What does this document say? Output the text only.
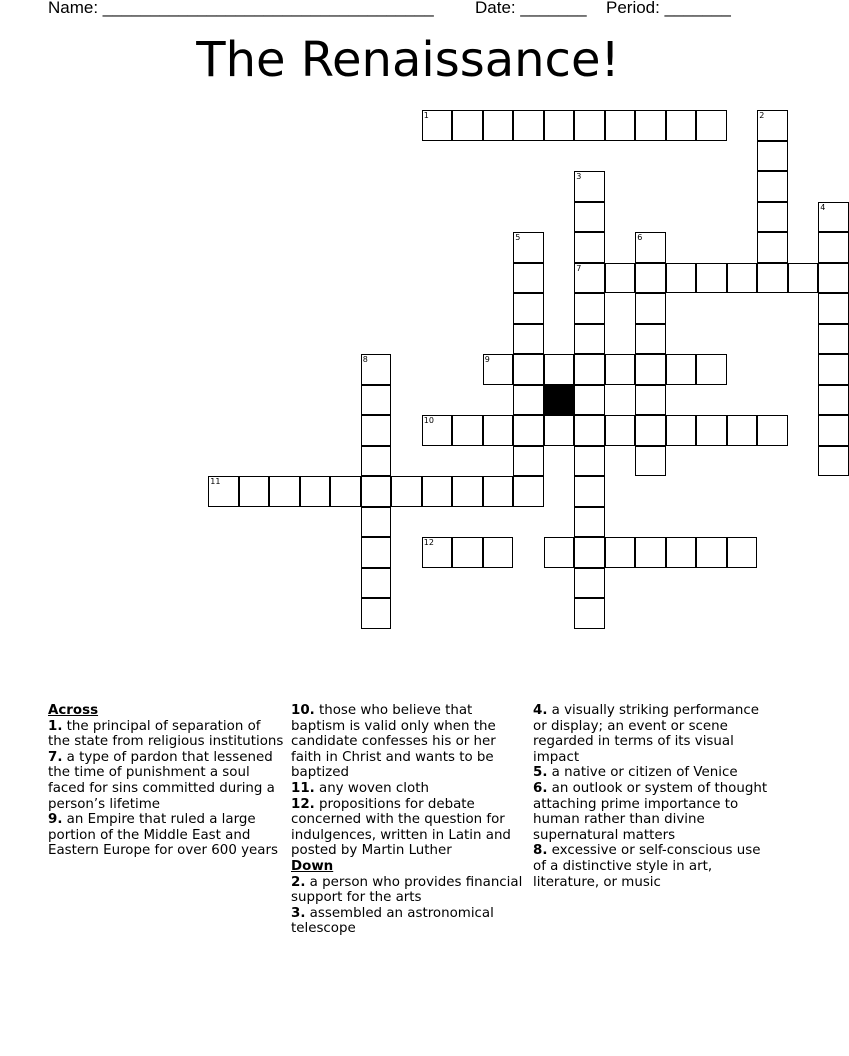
Name: ___________________________________ Date: _______ Period: _______
The Renaissance!
1	2
3
7
4
5	6
8	9
10
11
12
Across
1. the principal of separation of the state from religious institutions
7. a type of pardon that lessened the time of punishment a soul faced for sins committed during a person’s lifetime
9. an Empire that ruled a large portion of the Middle East and Eastern Europe for over 600 years
10. those who believe that baptism is valid only when the candidate confesses his or her faith in Christ and wants to be baptized
11. any woven cloth
12. propositions for debate concerned with the question for indulgences, written in Latin and posted by Martin Luther
Down
2. a person who provides financial support for the arts
3. assembled an astronomical telescope
4. a visually striking performance or display; an event or scene regarded in terms of its visual impact
5. a native or citizen of Venice
6. an outlook or system of thought attaching prime importance to human rather than divine supernatural matters
8. excessive or self-conscious use of a distinctive style in art, literature, or music
